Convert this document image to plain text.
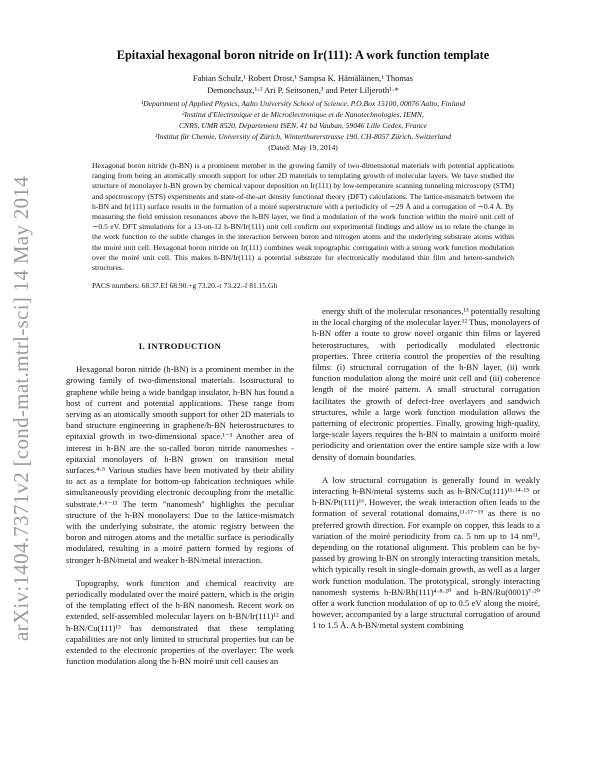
arXiv:1404.7371v2 [cond-mat.mtrl-sci] 14 May 2014
Epitaxial hexagonal boron nitride on Ir(111): A work function template
Fabian Schulz,¹ Robert Drost,¹ Sampsa K. Hämäläinen,¹ Thomas
Demonchaux,¹·² Ari P. Seitsonen,³ and Peter Liljeroth¹·*
¹Department of Applied Physics, Aalto University School of Science, P.O.Box 15100, 00076 Aalto, Finland
²Institut d'Electronique et de Microélectronique et de Nanotechnologies, IEMN,
CNRS, UMR 8520, Département ISEN, 41 bd Vauban, 59046 Lille Cedex, France
³Institut für Chemie, University of Zürich, Winterthurerstrasse 190, CH-8057 Zürich, Switzerland
(Dated: May 19, 2014)
Hexagonal boron nitride (h-BN) is a prominent member in the growing family of two-dimensional materials with potential applications ranging from being an atomically smooth support for other 2D materials to templating growth of molecular layers. We have studied the structure of monolayer h-BN grown by chemical vapour deposition on Ir(111) by low-temperature scanning tunneling microscopy (STM) and spectroscopy (STS) experiments and state-of-the-art density functional theory (DFT) calculations. The lattice-mismatch between the h-BN and Ir(111) surface results in the formation of a moiré superstructure with a periodicity of ∼29 Å and a corrugation of ∼0.4 Å. By measuring the field emission resonances above the h-BN layer, we find a modulation of the work function within the moiré unit cell of ∼0.5 eV. DFT simulations for a 13-on-12 h-BN/Ir(111) unit cell confirm our experimental findings and allow us to relate the change in the work function to the subtle changes in the interaction between boron and nitrogen atoms and the underlying substrate atoms within the moiré unit cell. Hexagonal boron nitride on Ir(111) combines weak topographic corrugation with a strong work function modulation over the moiré unit cell. This makes h-BN/Ir(111) a potential substrate for electronically modulated thin film and hetero-sandwich structures.
PACS numbers: 68.37.Ef 68.90.+g 73.20.-r 73.22.-f 81.15.Gh
I. INTRODUCTION

Hexagonal boron nitride (h-BN) is a prominent member in the growing family of two-dimensional materials. Isostructural to graphene while being a wide bandgap insulator, h-BN has found a host of current and potential applications. These range from serving as an atomically smooth support for other 2D materials to band structure engineering in graphene/h-BN heterostructures to epitaxial growth in two-dimensional space.¹⁻³ Another area of interest in h-BN are the so-called boron nitride nanomeshes - epitaxial monolayers of h-BN grown on transition metal surfaces.⁴·⁵ Various studies have been motivated by their ability to act as a template for bottom-up fabrication techniques while simultaneously providing electronic decoupling from the metallic substrate.⁴·⁶⁻¹³ The term "nanomesh" highlights the peculiar structure of the h-BN monolayers: Due to the lattice-mismatch with the underlying substrate, the atomic registry between the boron and nitrogen atoms and the metallic surface is periodically modulated, resulting in a moiré pattern formed by regions of stronger h-BN/metal and weaker h-BN/metal interaction.

Topography, work function and chemical reactivity are periodically modulated over the moiré pattern, which is the origin of the templating effect of the h-BN nanomesh. Recent work on extended, self-assembled molecular layers on h-BN/Ir(111)¹² and h-BN/Cu(111)¹³ has demonstrated that these templating capabilities are not only limited to structural properties but can be extended to the electronic properties of the overlayer: The work function modulation along the h-BN moiré unit cell causes an

energy shift of the molecular resonances,¹³ potentially resulting in the local charging of the molecular layer.¹² Thus, monolayers of h-BN offer a route to grow novel organic thin films or layered heterostructures, with periodically modulated electronic properties. Three criteria control the properties of the resulting films: (i) structural corrugation of the h-BN layer, (ii) work function modulation along the moiré unit cell and (iii) coherence length of the moiré pattern. A small structural corrugation facilitates the growth of defect-free overlayers and sandwich structures, while a large work function modulation allows the patterning of electronic properties. Finally, growing high-quality, large-scale layers requires the h-BN to maintain a uniform moiré periodicity and orientation over the entire sample size with a low density of domain boundaries.

A low structural corrugation is generally found in weakly interacting h-BN/metal systems such as h-BN/Cu(111)¹¹·¹⁴·¹⁵ or h-BN/Pt(111)¹⁶. However, the weak interaction often leads to the formation of several rotational domains,¹¹·¹⁷⁻¹⁹ as there is no preferred growth direction. For example on copper, this leads to a variation of the moiré periodicity from ca. 5 nm up to 14 nm¹¹, depending on the rotational alignment. This problem can be by-passed by growing h-BN on strongly interacting transition metals, which typically result in single-domain growth, as well as a larger work function modulation. The prototypical, strongly interacting nanomesh systems h-BN/Rh(111)⁴·⁸·²⁰ and h-BN/Ru(0001)⁷·²⁰ offer a work function modulation of up to 0.5 eV along the moiré, however, accompanied by a large structural corrugation of around 1 to 1.5 Å. A h-BN/metal system combining
